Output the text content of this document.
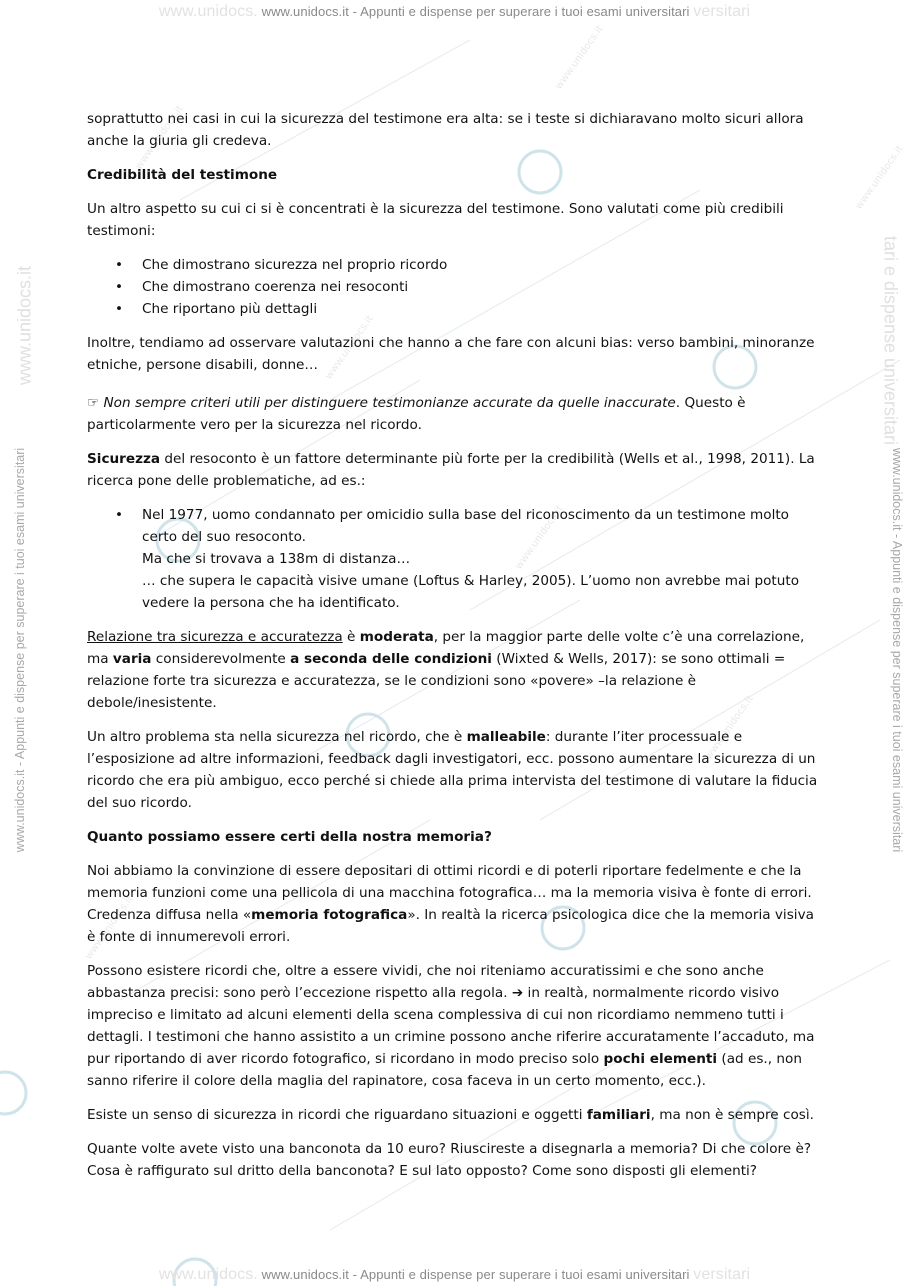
www.unidocs.it
www.unidocs.it
www.unidocs.it
www.unidocs.it
www.unidocs.it
www.unidocs.it
www.unidocs.it
www.unidocs. www.unidocs.it - Appunti e dispense per superare i tuoi esami universitari versitari
www.unidocs.it - Appunti e dispense per superare i tuoi esami universitari	www.unidocs.it - Appunti e dispense per superare i tuoi esami universitari
www.unidocs.it	tari e dispense universitari

soprattutto nei casi in cui la sicurezza del testimone era alta: se i teste si dichiaravano molto sicuri allora anche la giuria gli credeva.

Credibilità del testimone

Un altro aspetto su cui ci si è concentrati è la sicurezza del testimone. Sono valutati come più credibili testimoni:

• Che dimostrano sicurezza nel proprio ricordo
• Che dimostrano coerenza nei resoconti
• Che riportano più dettagli

Inoltre, tendiamo ad osservare valutazioni che hanno a che fare con alcuni bias: verso bambini, minoranze etniche, persone disabili, donne…

☞ Non sempre criteri utili per distinguere testimonianze accurate da quelle inaccurate. Questo è particolarmente vero per la sicurezza nel ricordo.

Sicurezza del resoconto è un fattore determinante più forte per la credibilità (Wells et al., 1998, 2011). La ricerca pone delle problematiche, ad es.:

• Nel 1977, uomo condannato per omicidio sulla base del riconoscimento da un testimone molto certo del suo resoconto.
Ma che si trovava a 138m di distanza…
… che supera le capacità visive umane (Loftus & Harley, 2005). L’uomo non avrebbe mai potuto vedere la persona che ha identificato.

Relazione tra sicurezza e accuratezza è moderata, per la maggior parte delle volte c’è una correlazione, ma varia considerevolmente a seconda delle condizioni (Wixted & Wells, 2017): se sono ottimali = relazione forte tra sicurezza e accuratezza, se le condizioni sono «povere» –la relazione è debole/inesistente.

Un altro problema sta nella sicurezza nel ricordo, che è malleabile: durante l’iter processuale e l’esposizione ad altre informazioni, feedback dagli investigatori, ecc. possono aumentare la sicurezza di un ricordo che era più ambiguo, ecco perché si chiede alla prima intervista del testimone di valutare la fiducia del suo ricordo.

Quanto possiamo essere certi della nostra memoria?

Noi abbiamo la convinzione di essere depositari di ottimi ricordi e di poterli riportare fedelmente e che la memoria funzioni come una pellicola di una macchina fotografica… ma la memoria visiva è fonte di errori. Credenza diffusa nella «memoria fotografica». In realtà la ricerca psicologica dice che la memoria visiva è fonte di innumerevoli errori.

Possono esistere ricordi che, oltre a essere vividi, che noi riteniamo accuratissimi e che sono anche abbastanza precisi: sono però l’eccezione rispetto alla regola. ➔ in realtà, normalmente ricordo visivo impreciso e limitato ad alcuni elementi della scena complessiva di cui non ricordiamo nemmeno tutti i dettagli. I testimoni che hanno assistito a un crimine possono anche riferire accuratamente l’accaduto, ma pur riportando di aver ricordo fotografico, si ricordano in modo preciso solo pochi elementi (ad es., non sanno riferire il colore della maglia del rapinatore, cosa faceva in un certo momento, ecc.).

Esiste un senso di sicurezza in ricordi che riguardano situazioni e oggetti familiari, ma non è sempre così.

Quante volte avete visto una banconota da 10 euro? Riuscireste a disegnarla a memoria? Di che colore è? Cosa è raffigurato sul dritto della banconota? E sul lato opposto? Come sono disposti gli elementi?

www.unidocs. www.unidocs.it - Appunti e dispense per superare i tuoi esami universitari versitari
